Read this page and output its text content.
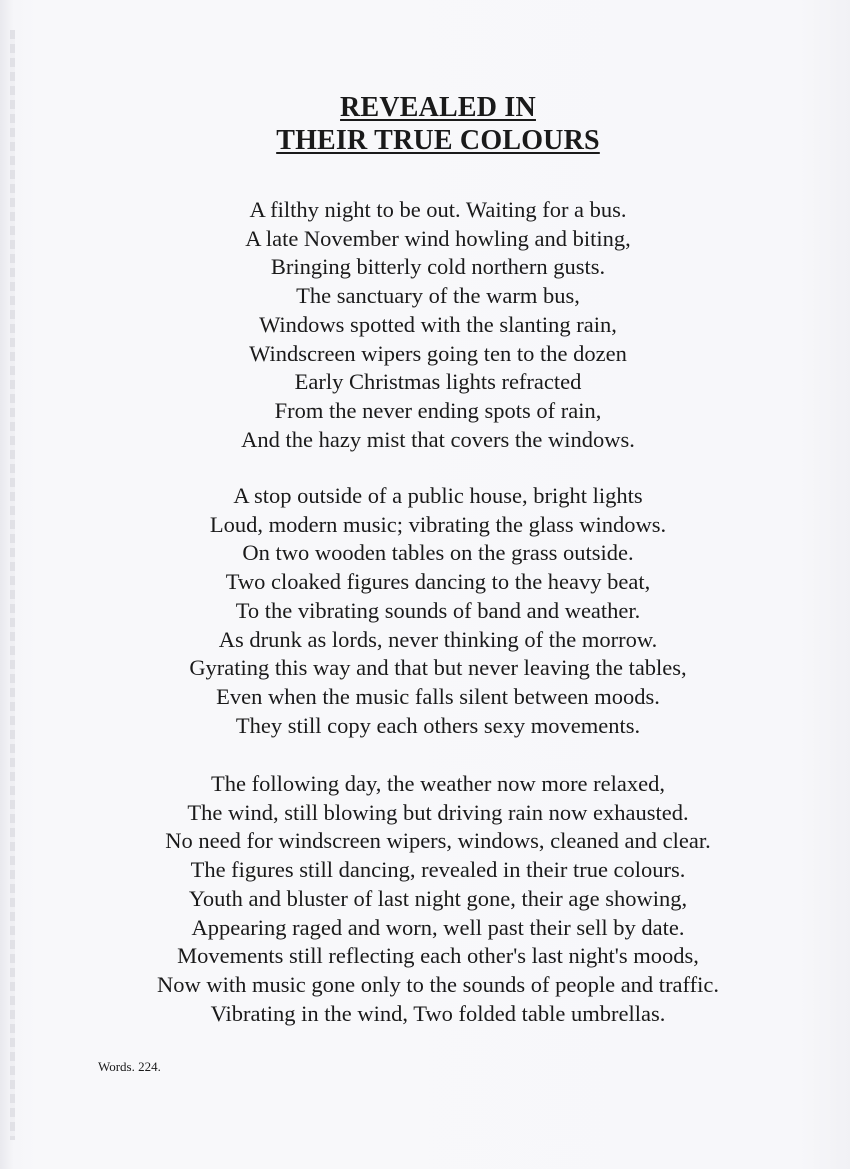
REVEALED IN
THEIR TRUE COLOURS
A filthy night to be out. Waiting for a bus.
A late November wind howling and biting,
Bringing bitterly cold northern gusts.
The sanctuary of the warm bus,
Windows spotted with the slanting rain,
Windscreen wipers going ten to the dozen
Early Christmas lights refracted
From the never ending spots of rain,
And the hazy mist that covers the windows.
A stop outside of a public house, bright lights
Loud, modern music; vibrating the glass windows.
On two wooden tables on the grass outside.
Two cloaked figures dancing to the heavy beat,
To the vibrating sounds of band and weather.
As drunk as lords, never thinking of the morrow.
Gyrating this way and that but never leaving the tables,
Even when the music falls silent between moods.
They still copy each others sexy movements.
The following day, the weather now more relaxed,
The wind, still blowing but driving rain now exhausted.
No need for windscreen wipers, windows, cleaned and clear.
The figures still dancing, revealed in their true colours.
Youth and bluster of last night gone, their age showing,
Appearing raged and worn, well past their sell by date.
Movements still reflecting each other's last night's moods,
Now with music gone only to the sounds of people and traffic.
Vibrating in the wind, Two folded table umbrellas.
Words. 224.
